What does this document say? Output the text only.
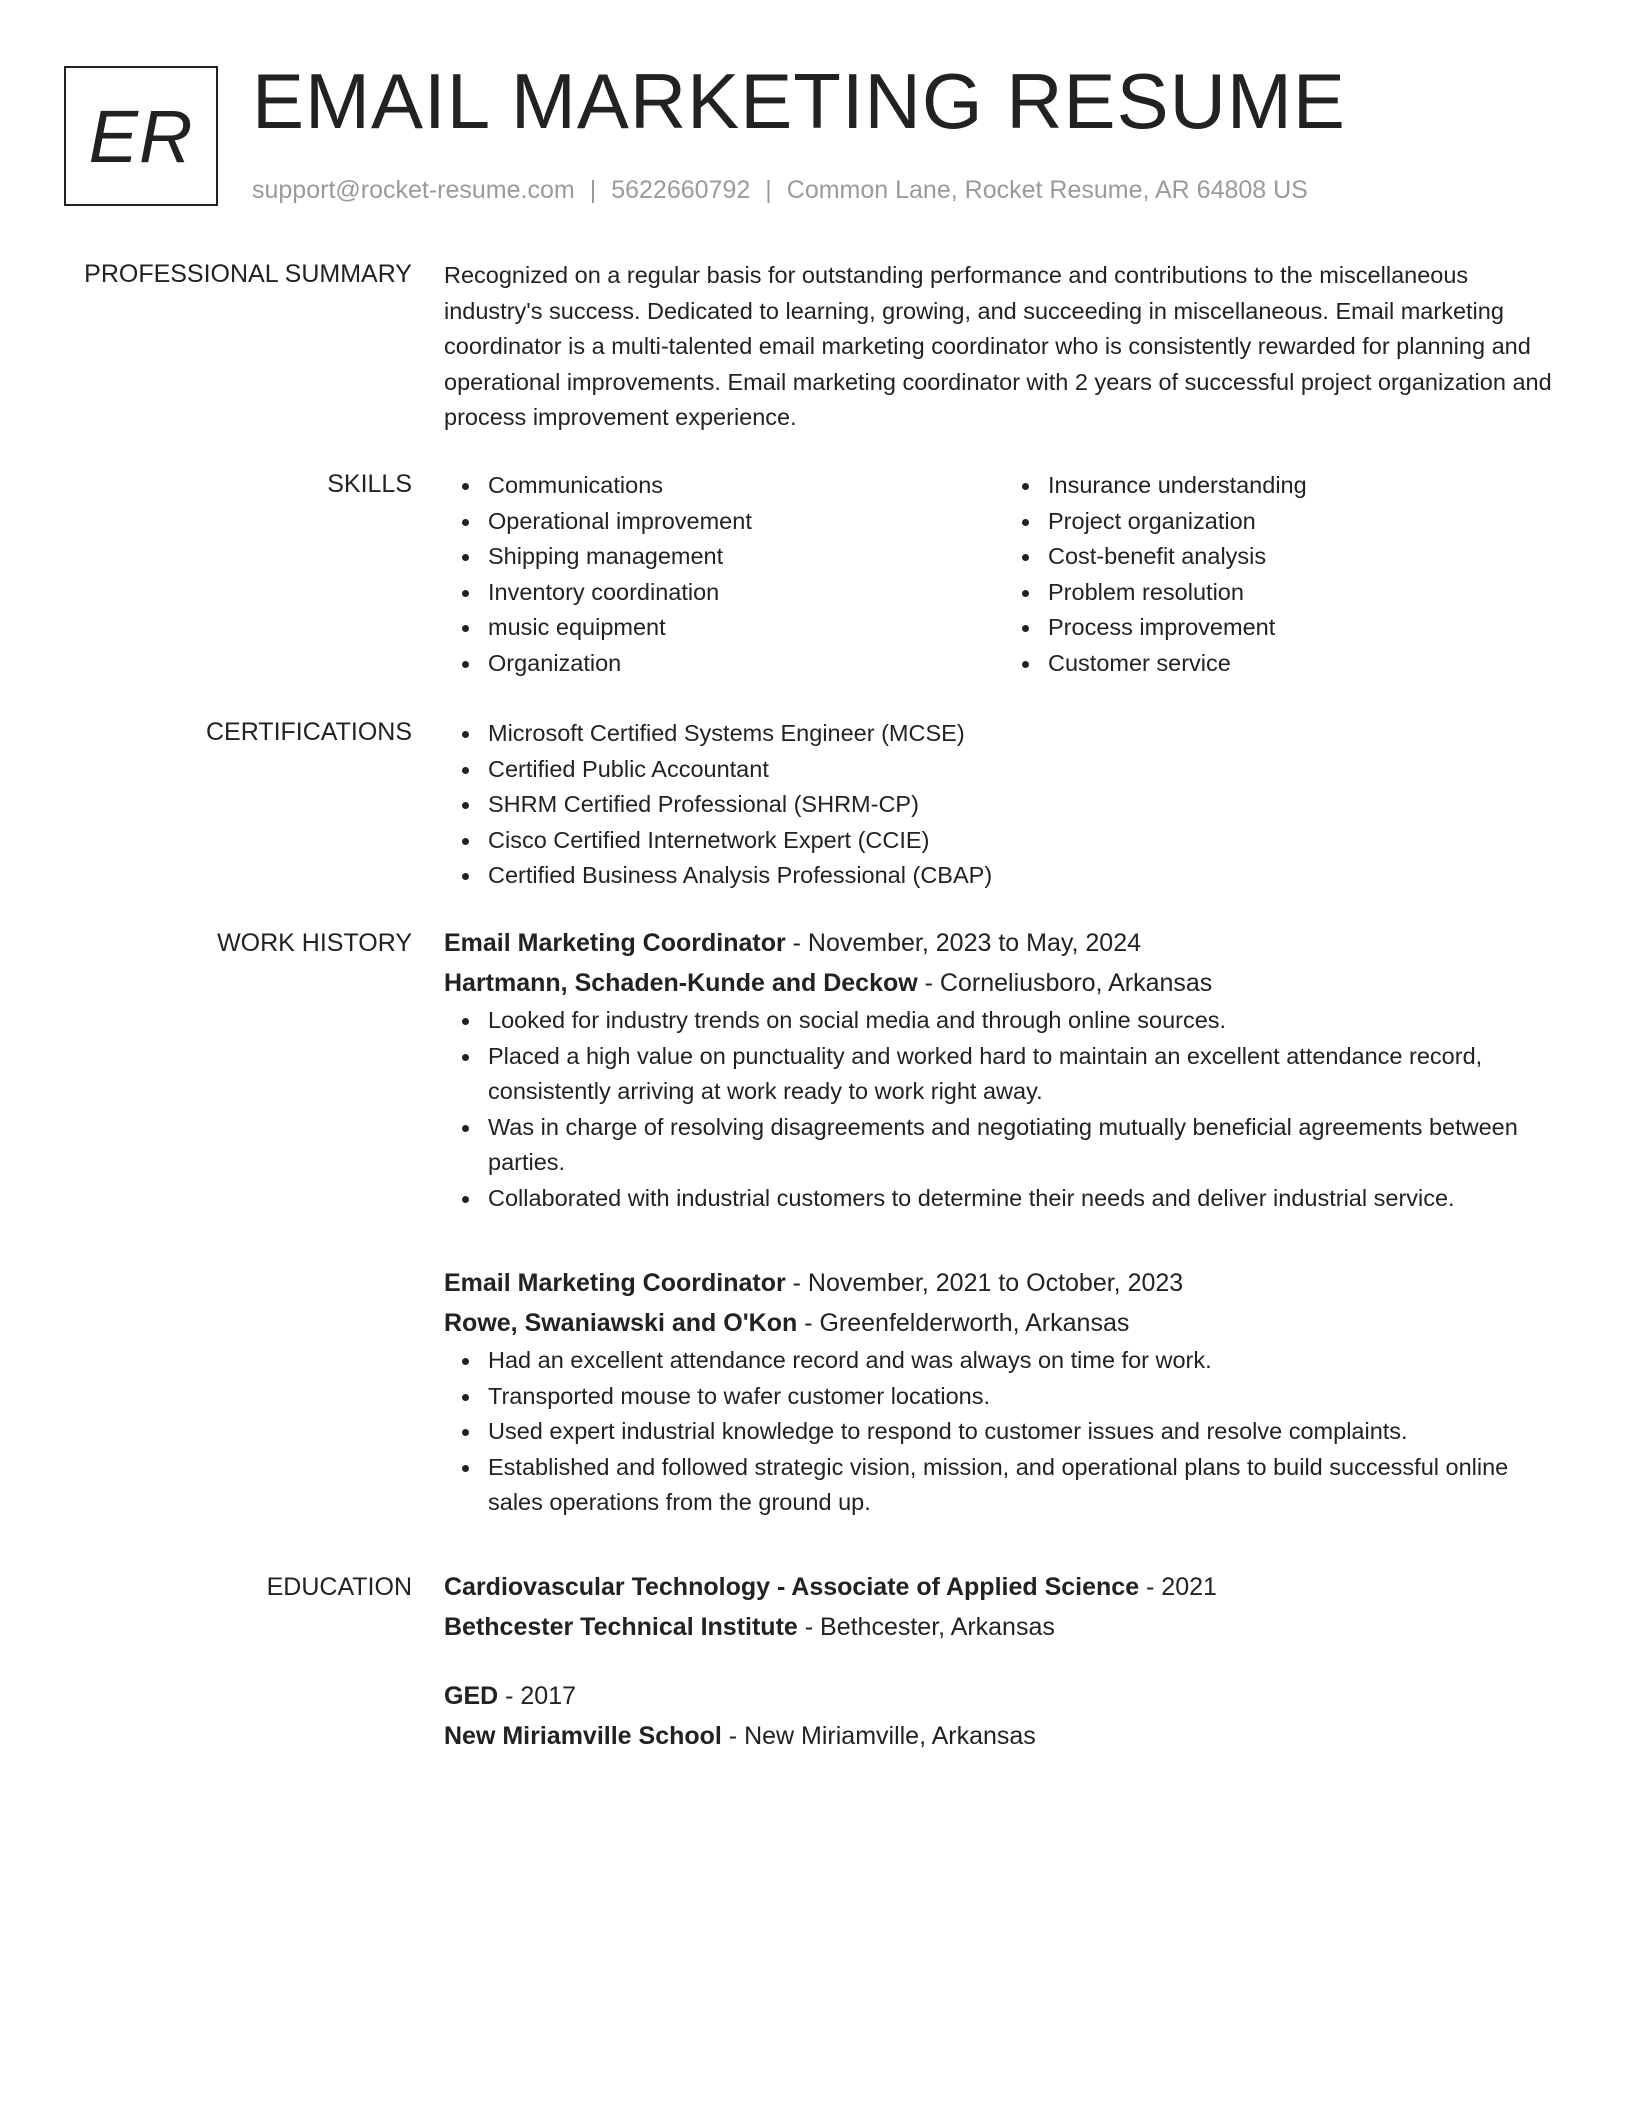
ER EMAIL MARKETING RESUME
support@rocket-resume.com | 5622660792 | Common Lane, Rocket Resume, AR 64808 US
PROFESSIONAL SUMMARY Recognized on a regular basis for outstanding performance and contributions to the miscellaneous industry's success. Dedicated to learning, growing, and succeeding in miscellaneous. Email marketing coordinator is a multi-talented email marketing coordinator who is consistently rewarded for planning and operational improvements. Email marketing coordinator with 2 years of successful project organization and process improvement experience.

SKILLS	Communications
Operational improvement
Shipping management
Inventory coordination
music equipment
Organization
Insurance understanding
Project organization
Cost-benefit analysis
Problem resolution
Process improvement
Customer service
CERTIFICATIONS	Microsoft Certified Systems Engineer (MCSE)
Certified Public Accountant
SHRM Certified Professional (SHRM-CP)
Cisco Certified Internetwork Expert (CCIE)
Certified Business Analysis Professional (CBAP)
WORK HISTORY Email Marketing Coordinator - November, 2023 to May, 2024
Hartmann, Schaden-Kunde and Deckow - Corneliusboro, Arkansas
Looked for industry trends on social media and through online sources.
Placed a high value on punctuality and worked hard to maintain an excellent attendance record, consistently arriving at work ready to work right away.
Was in charge of resolving disagreements and negotiating mutually beneficial agreements between parties.
Collaborated with industrial customers to determine their needs and deliver industrial service.
Email Marketing Coordinator - November, 2021 to October, 2023
Rowe, Swaniawski and O'Kon - Greenfelderworth, Arkansas
Had an excellent attendance record and was always on time for work.
Transported mouse to wafer customer locations.
Used expert industrial knowledge to respond to customer issues and resolve complaints.
Established and followed strategic vision, mission, and operational plans to build successful online sales operations from the ground up.
EDUCATION Cardiovascular Technology - Associate of Applied Science - 2021
Bethcester Technical Institute - Bethcester, Arkansas
GED - 2017
New Miriamville School - New Miriamville, Arkansas
